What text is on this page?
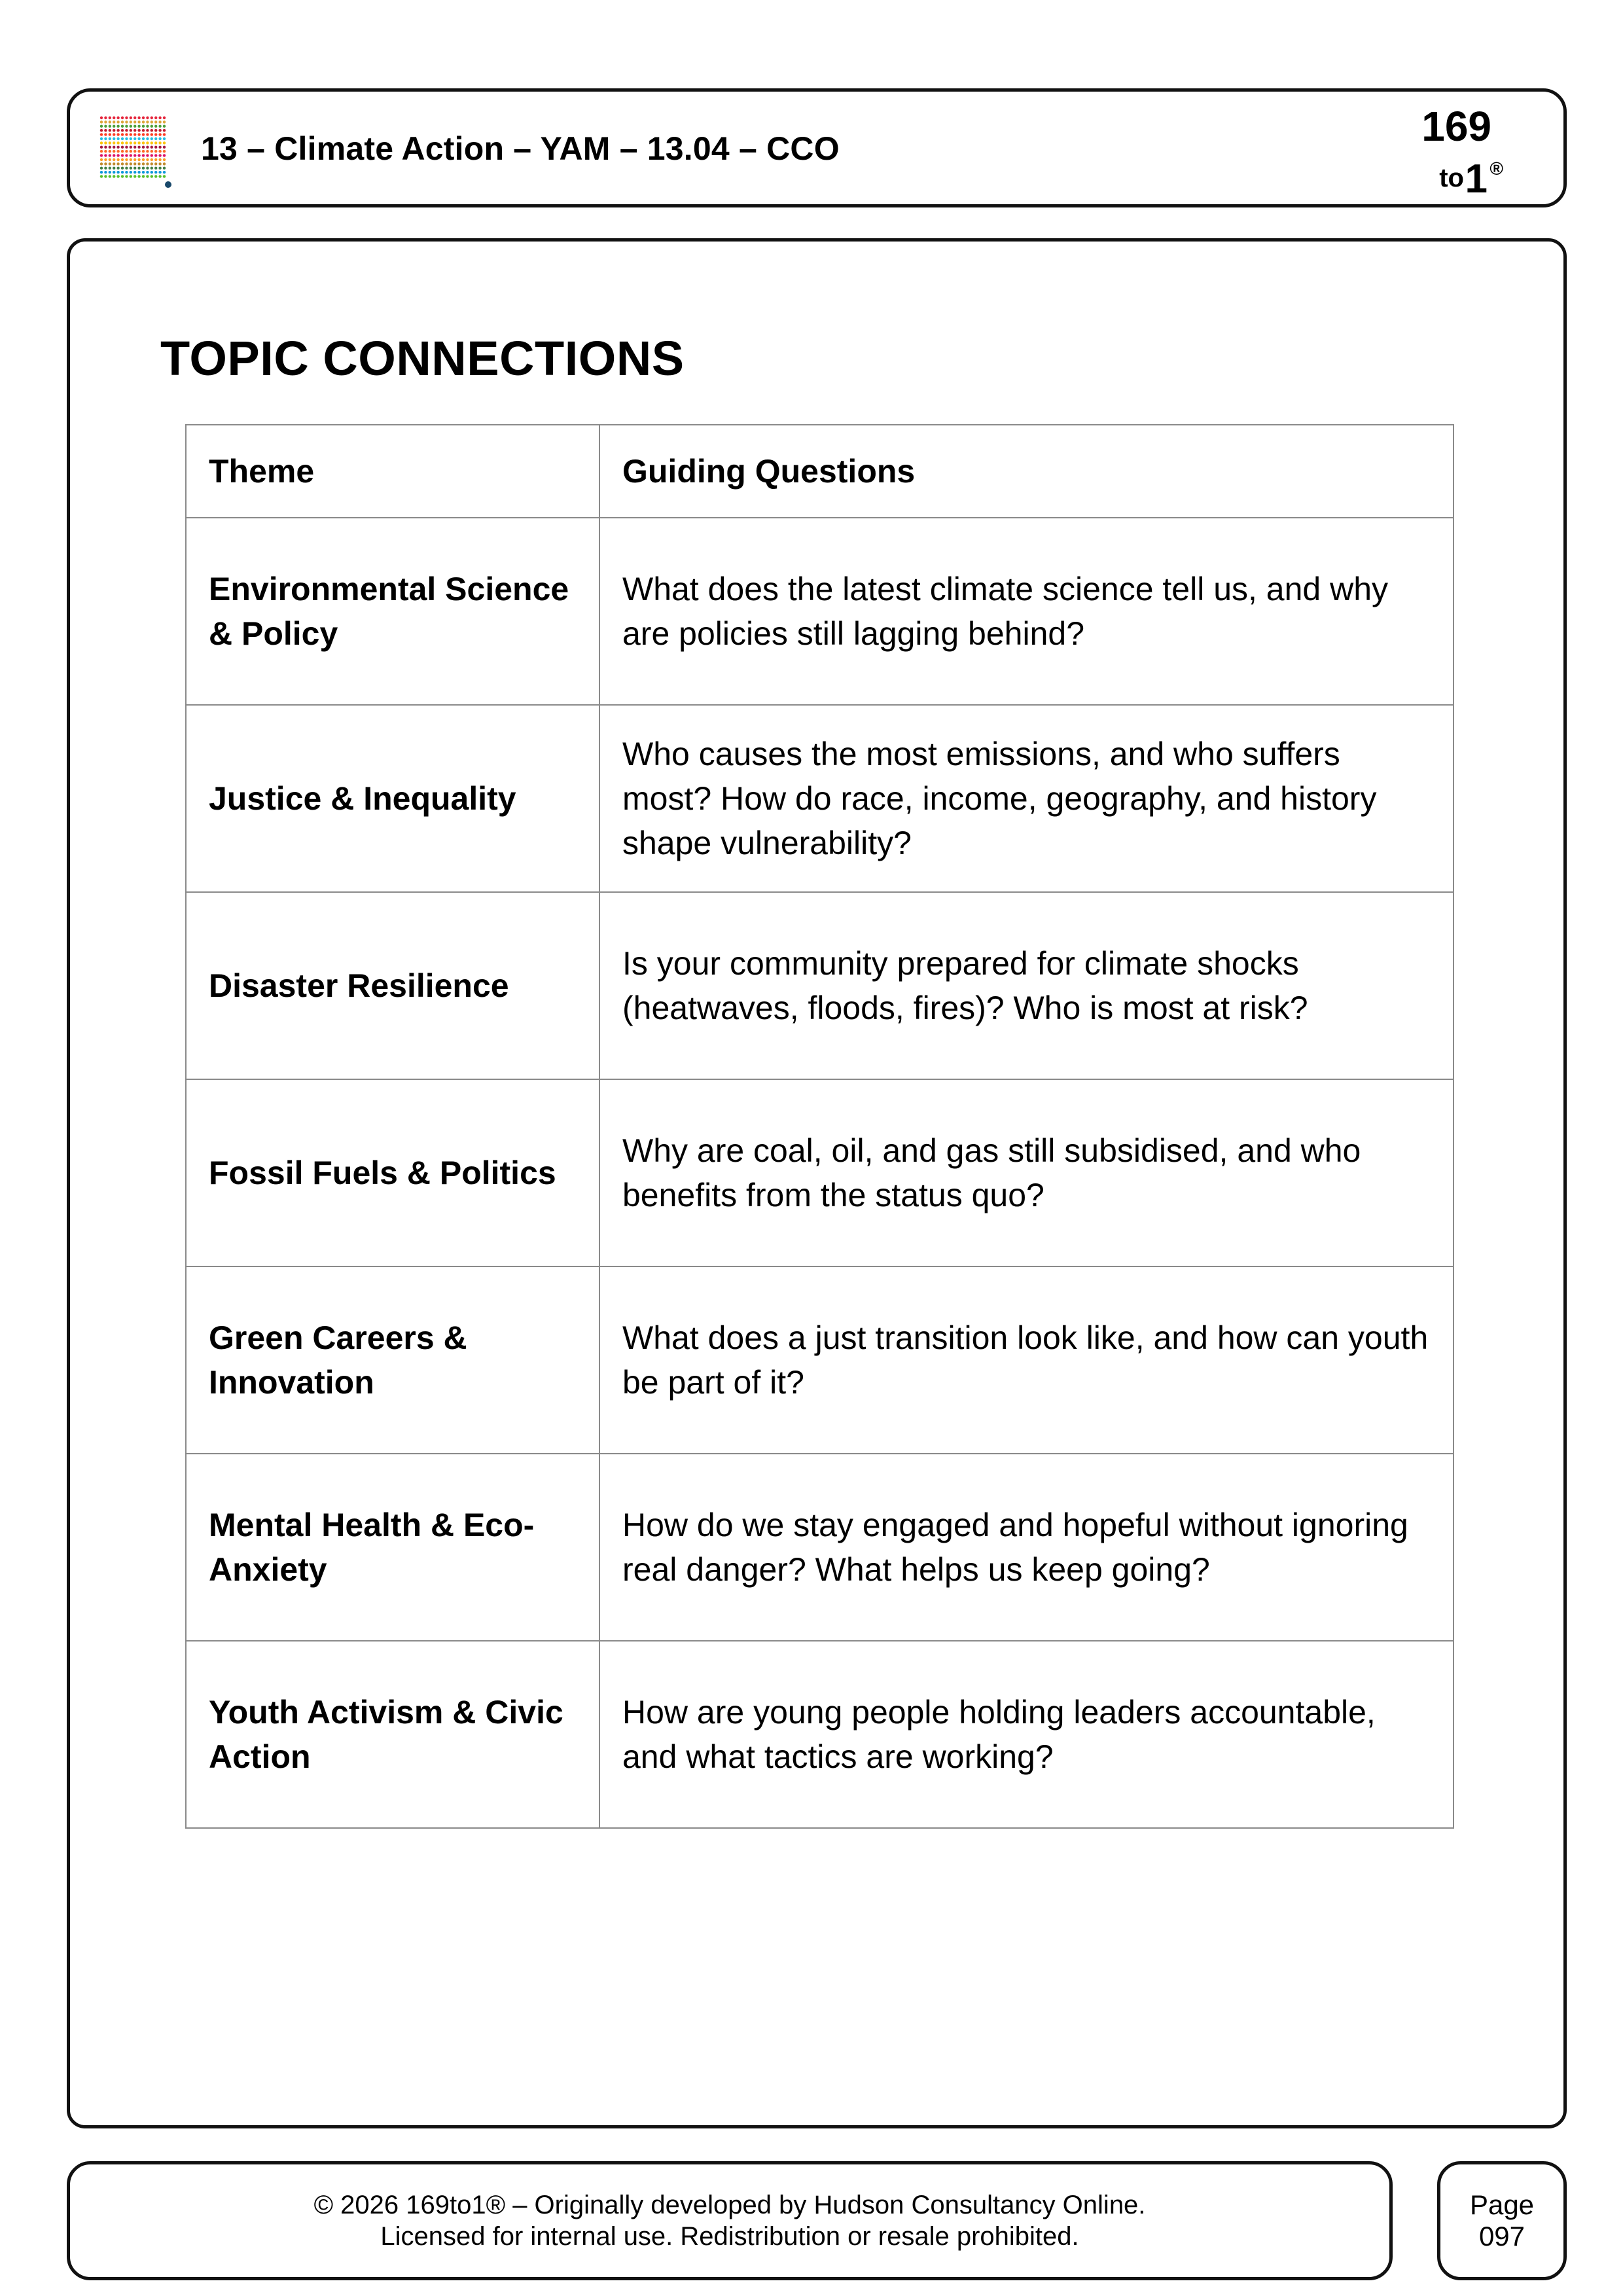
13 – Climate Action – YAM – 13.04 – CCO	169
to 1 ®
TOPIC CONNECTIONS
Theme	Guiding Questions
Environmental Science & Policy	What does the latest climate science tell us, and why are policies still lagging behind?
Justice & Inequality	Who causes the most emissions, and who suffers most? How do race, income, geography, and history shape vulnerability?
Disaster Resilience	Is your community prepared for climate shocks (heatwaves, floods, fires)? Who is most at risk?
Fossil Fuels & Politics	Why are coal, oil, and gas still subsidised, and who benefits from the status quo?
Green Careers & Innovation	What does a just transition look like, and how can youth be part of it?
Mental Health & Eco-Anxiety	How do we stay engaged and hopeful without ignoring real danger? What helps us keep going?
Youth Activism & Civic Action	How are young people holding leaders accountable, and what tactics are working?
© 2026 169to1® – Originally developed by Hudson Consultancy Online.
Licensed for internal use. Redistribution or resale prohibited.
Page
097
